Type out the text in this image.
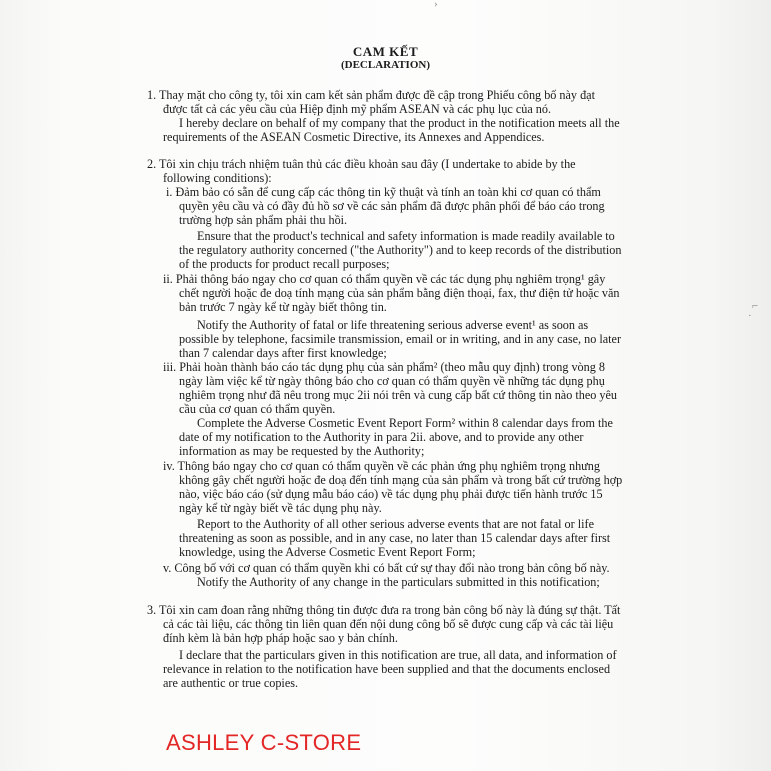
›
⌐
·
CAM KẾT
(DECLARATION)
1. Thay mặt cho công ty, tôi xin cam kết sản phẩm được đề cập trong Phiếu công bố này đạt
được tất cả các yêu cầu của Hiệp định mỹ phẩm ASEAN và các phụ lục của nó.
I hereby declare on behalf of my company that the product in the notification meets all the
requirements of the ASEAN Cosmetic Directive, its Annexes and Appendices.
2. Tôi xin chịu trách nhiệm tuân thủ các điều khoản sau đây (I undertake to abide by the
following conditions):
i. Đảm bảo có sẵn để cung cấp các thông tin kỹ thuật và tính an toàn khi cơ quan có thẩm
quyền yêu cầu và có đầy đủ hồ sơ về các sản phẩm đã được phân phối để báo cáo trong
trường hợp sản phẩm phải thu hồi.
Ensure that the product's technical and safety information is made readily available to
the regulatory authority concerned ("the Authority") and to keep records of the distribution
of the products for product recall purposes;
ii. Phải thông báo ngay cho cơ quan có thẩm quyền về các tác dụng phụ nghiêm trọng¹ gây
chết người hoặc đe doạ tính mạng của sản phẩm bằng điện thoại, fax, thư điện tử hoặc văn
bản trước 7 ngày kể từ ngày biết thông tin.
Notify the Authority of fatal or life threatening serious adverse event¹ as soon as
possible by telephone, facsimile transmission, email or in writing, and in any case, no later
than 7 calendar days after first knowledge;
iii. Phải hoàn thành báo cáo tác dụng phụ của sản phẩm² (theo mẫu quy định) trong vòng 8
ngày làm việc kể từ ngày thông báo cho cơ quan có thẩm quyền về những tác dụng phụ
nghiêm trọng như đã nêu trong mục 2ii nói trên và cung cấp bất cứ thông tin nào theo yêu
cầu của cơ quan có thẩm quyền.
Complete the Adverse Cosmetic Event Report Form² within 8 calendar days from the
date of my notification to the Authority in para 2ii. above, and to provide any other
information as may be requested by the Authority;
iv. Thông báo ngay cho cơ quan có thẩm quyền về các phản ứng phụ nghiêm trọng nhưng
không gây chết người hoặc đe doạ đến tính mạng của sản phẩm và trong bất cứ trường hợp
nào, việc báo cáo (sử dụng mẫu báo cáo) về tác dụng phụ phải được tiến hành trước 15
ngày kể từ ngày biết về tác dụng phụ này.
Report to the Authority of all other serious adverse events that are not fatal or life
threatening as soon as possible, and in any case, no later than 15 calendar days after first
knowledge, using the Adverse Cosmetic Event Report Form;
v. Công bố với cơ quan có thẩm quyền khi có bất cứ sự thay đổi nào trong bản công bố này.
Notify the Authority of any change in the particulars submitted in this notification;
3. Tôi xin cam đoan rằng những thông tin được đưa ra trong bản công bố này là đúng sự thật. Tất
cả các tài liệu, các thông tin liên quan đến nội dung công bố sẽ được cung cấp và các tài liệu
đính kèm là bản hợp pháp hoặc sao y bản chính.
I declare that the particulars given in this notification are true, all data, and information of
relevance in relation to the notification have been supplied and that the documents enclosed
are authentic or true copies.
ASHLEY C-STORE
